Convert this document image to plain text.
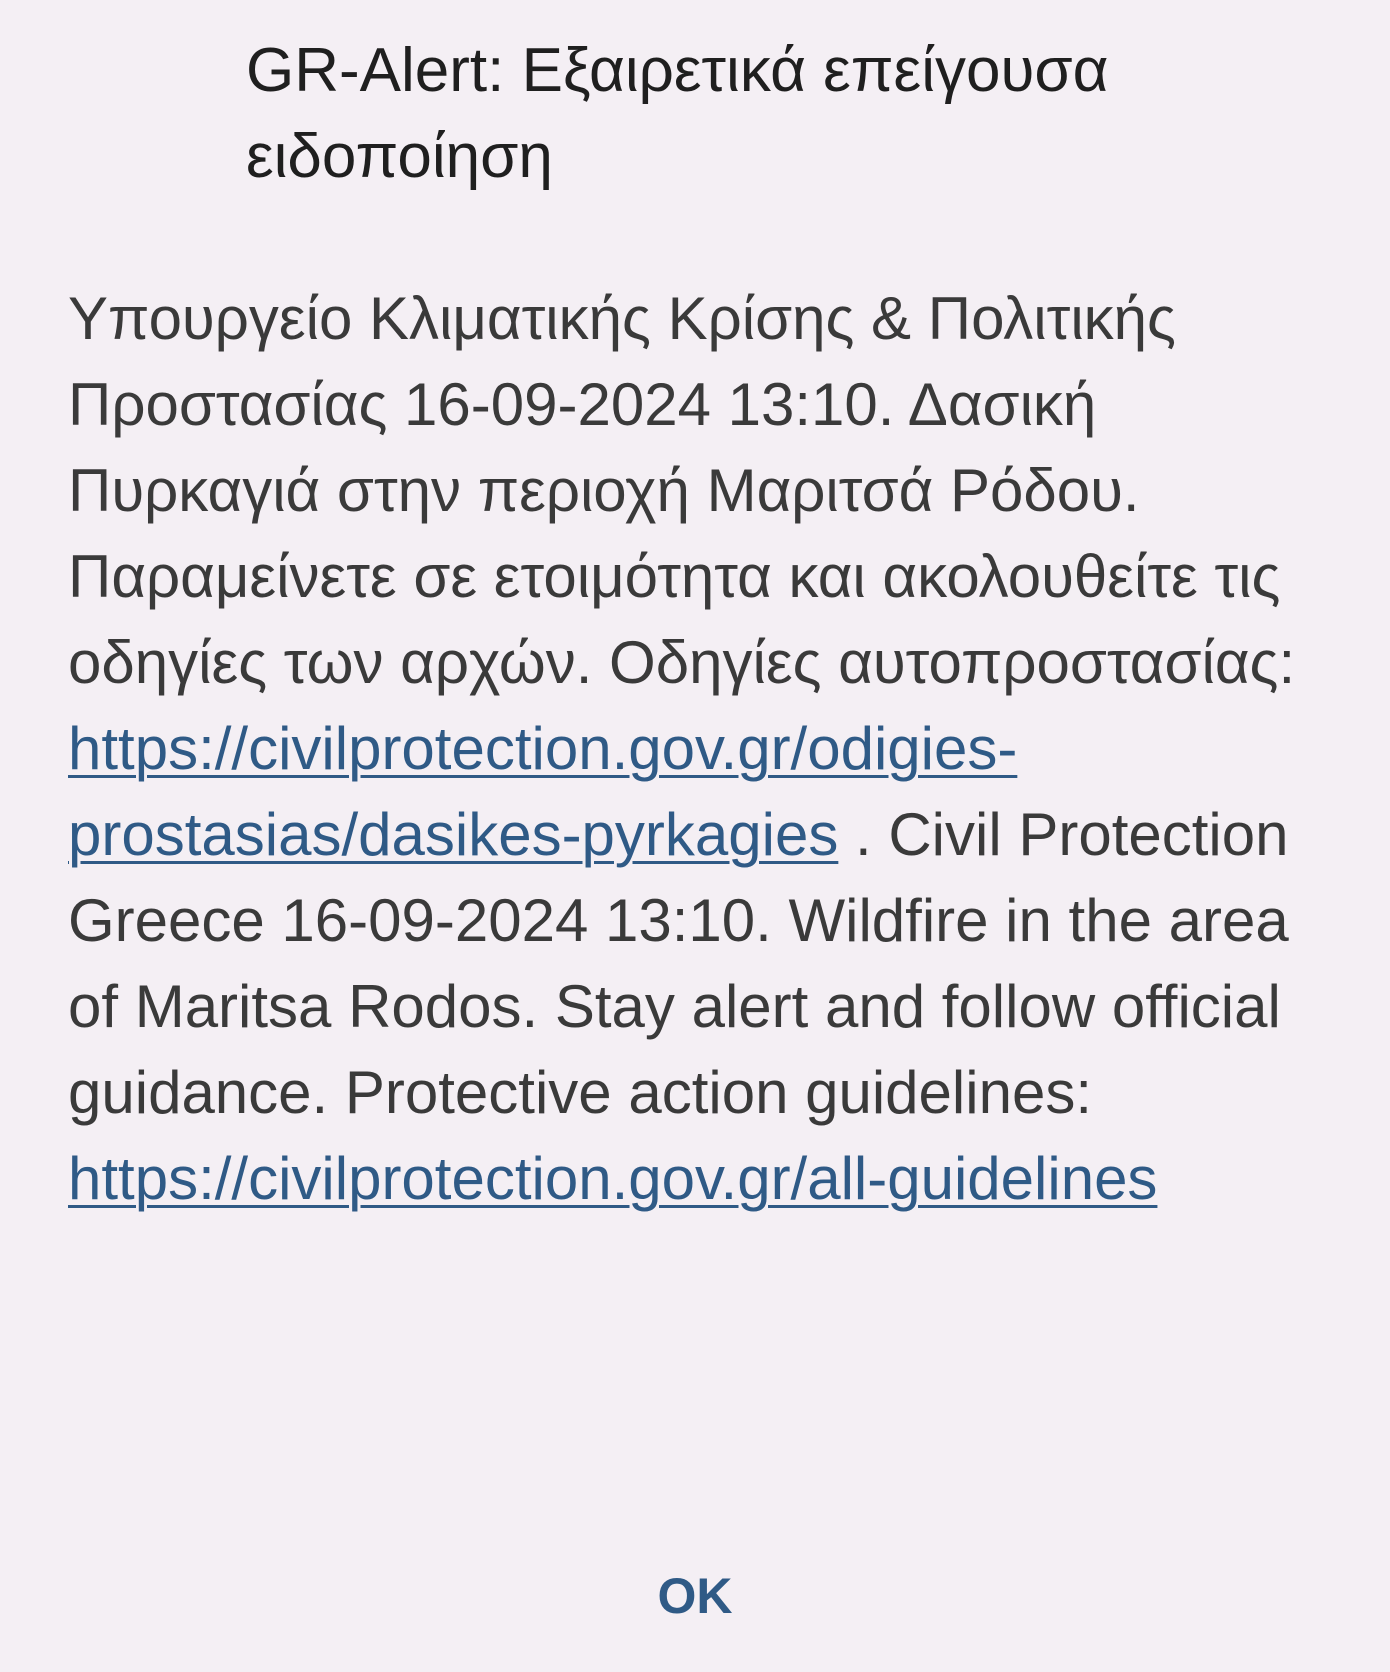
GR-Alert: Εξαιρετικά επείγουσα ειδοποίηση

Υπουργείο Κλιματικής Κρίσης & Πολιτικής Προστασίας 16-09-2024 13:10. Δασική Πυρκαγιά στην περιοχή Μαριτσά Ρόδου. Παραμείνετε σε ετοιμότητα και ακολουθείτε τις οδηγίες των αρχών. Οδηγίες αυτοπροστασίας: https://civilprotection.gov.gr/odigies-prostasias/dasikes-pyrkagies . Civil Protection Greece 16-09-2024 13:10. Wildfire in the area of Maritsa Rodos. Stay alert and follow official guidance. Protective action guidelines: https://civilprotection.gov.gr/all-guidelines

OK
